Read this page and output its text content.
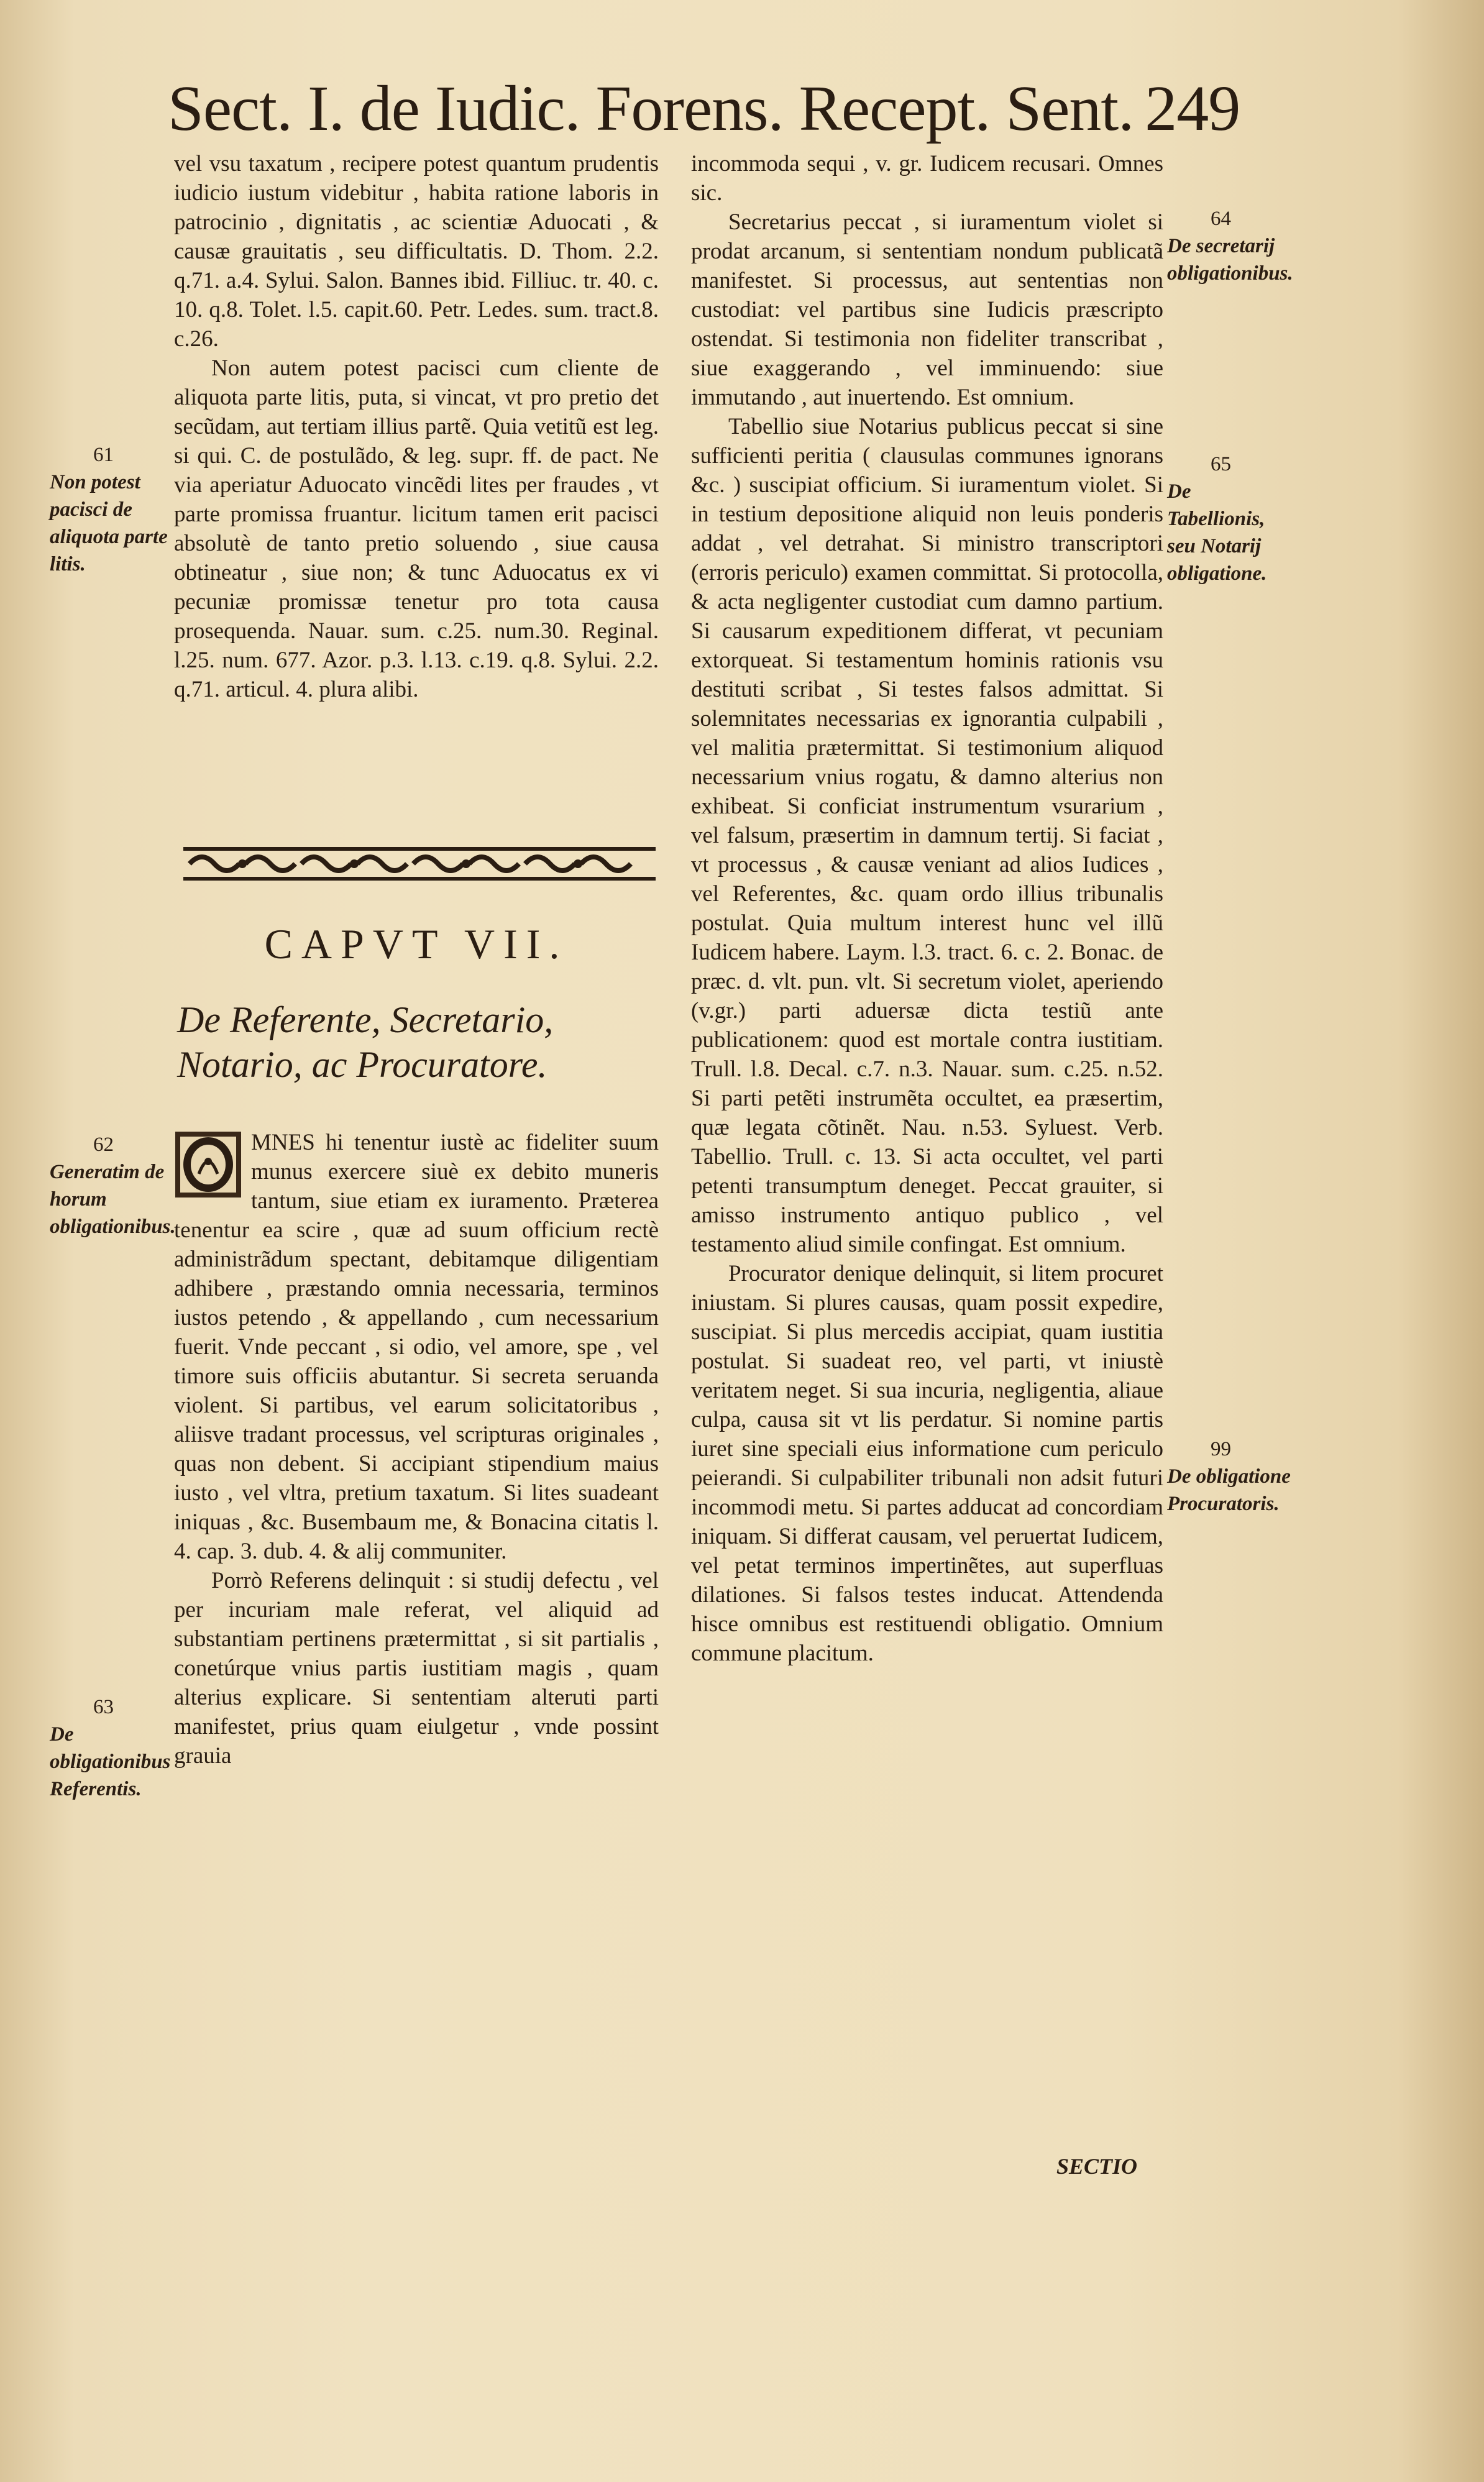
Sect. I. de Iudic. Forens. Recept. Sent. 249

vel vsu taxatum , recipere potest quantum prudentis iudicio iustum videbitur , habita ratione laboris in patrocinio , dignitatis , ac scientiæ Aduocati , & causæ grauitatis , seu difficultatis. D. Thom. 2.2. q.71. a.4. Sylui. Salon. Bannes ibid. Filliuc. tr. 40. c. 10. q.8. Tolet. l.5. capit.60. Petr. Ledes. sum. tract.8. c.26.

Non autem potest pacisci cum cliente de aliquota parte litis, puta, si vincat, vt pro pretio det secũdam, aut tertiam illius partẽ. Quia vetitũ est leg. si qui. C. de postulãdo, & leg. supr. ff. de pact. Ne via aperiatur Aduocato vincẽdi lites per fraudes , vt parte promissa fruantur. licitum tamen erit pacisci absolutè de tanto pretio soluendo , siue causa obtineatur , siue non; & tunc Aduocatus ex vi pecuniæ promissæ tenetur pro tota causa prosequenda. Nauar. sum. c.25. num.30. Reginal. l.25. num. 677. Azor. p.3. l.13. c.19. q.8. Sylui. 2.2. q.71. articul. 4. plura alibi.

61
Non potest pacisci de aliquota parte litis.
CAPVT VII.
De Referente, Secretario, Notario, ac Procuratore.
62
Generatim de horum obligationibus.

MNES hi tenentur iustè ac fideliter suum munus exercere siuè ex debito muneris tantum, siue etiam ex iuramento. Præterea tenentur ea scire , quæ ad suum officium rectè administrãdum spectant, debitamque diligentiam adhibere , præstando omnia necessaria, terminos iustos petendo , & appellando , cum necessarium fuerit. Vnde peccant , si odio, vel amore, spe , vel timore suis officiis abutantur. Si secreta seruanda violent. Si partibus, vel earum solicitatoribus , aliisve tradant processus, vel scripturas originales , quas non debent. Si accipiant stipendium maius iusto , vel vltra, pretium taxatum. Si lites suadeant iniquas , &c. Busembaum me, & Bonacina citatis l. 4. cap. 3. dub. 4. & alij communiter.

Porrò Referens delinquit : si studij defectu , vel per incuriam male referat, vel aliquid ad substantiam pertinens prætermittat , si sit partialis , conetúrque vnius partis iustitiam magis , quam alterius explicare. Si sententiam alteruti parti manifestet, prius quam eiulgetur , vnde possint grauia

63
De obligationibus Referentis.

incommoda sequi , v. gr. Iudicem recusari. Omnes sic.

Secretarius peccat , si iuramentum violet si prodat arcanum, si sententiam nondum publicatã manifestet. Si processus, aut sententias non custodiat: vel partibus sine Iudicis præscripto ostendat. Si testimonia non fideliter transcribat , siue exaggerando , vel imminuendo: siue immutando , aut inuertendo. Est omnium.

Tabellio siue Notarius publicus peccat si sine sufficienti peritia ( clausulas communes ignorans &c. ) suscipiat officium. Si iuramentum violet. Si in testium depositione aliquid non leuis ponderis addat , vel detrahat. Si ministro transcriptori (erroris periculo) examen committat. Si protocolla, & acta negligenter custodiat cum damno partium. Si causarum expeditionem differat, vt pecuniam extorqueat. Si testamentum hominis rationis vsu destituti scribat , Si testes falsos admittat. Si solemnitates necessarias ex ignorantia culpabili , vel malitia prætermittat. Si testimonium aliquod necessarium vnius rogatu, & damno alterius non exhibeat. Si conficiat instrumentum vsurarium , vel falsum, præsertim in damnum tertij. Si faciat , vt processus , & causæ veniant ad alios Iudices , vel Referentes, &c. quam ordo illius tribunalis postulat. Quia multum interest hunc vel illũ Iudicem habere. Laym. l.3. tract. 6. c. 2. Bonac. de præc. d. vlt. pun. vlt. Si secretum violet, aperiendo (v.gr.) parti aduersæ dicta testiũ ante publicationem: quod est mortale contra iustitiam. Trull. l.8. Decal. c.7. n.3. Nauar. sum. c.25. n.52. Si parti petẽti instrumẽta occultet, ea præsertim, quæ legata cõtinẽt. Nau. n.53. Syluest. Verb. Tabellio. Trull. c. 13. Si acta occultet, vel parti petenti transumptum deneget. Peccat grauiter, si amisso instrumento antiquo publico , vel testamento aliud simile confingat. Est omnium.

Procurator denique delinquit, si litem procuret iniustam. Si plures causas, quam possit expedire, suscipiat. Si plus mercedis accipiat, quam iustitia postulat. Si suadeat reo, vel parti, vt iniustè veritatem neget. Si sua incuria, negligentia, aliaue culpa, causa sit vt lis perdatur. Si nomine partis iuret sine speciali eius informatione cum periculo peierandi. Si culpabiliter tribunali non adsit futuri incommodi metu. Si partes adducat ad concordiam iniquam. Si differat causam, vel peruertat Iudicem, vel petat terminos impertinẽtes, aut superfluas dilationes. Si falsos testes inducat. Attendenda hisce omnibus est restituendi obligatio. Omnium commune placitum.

64
De secretarij obligationibus.
65
De Tabellionis, seu Notarij obligatione.
99
De obligatione Procuratoris.
SECTIO
